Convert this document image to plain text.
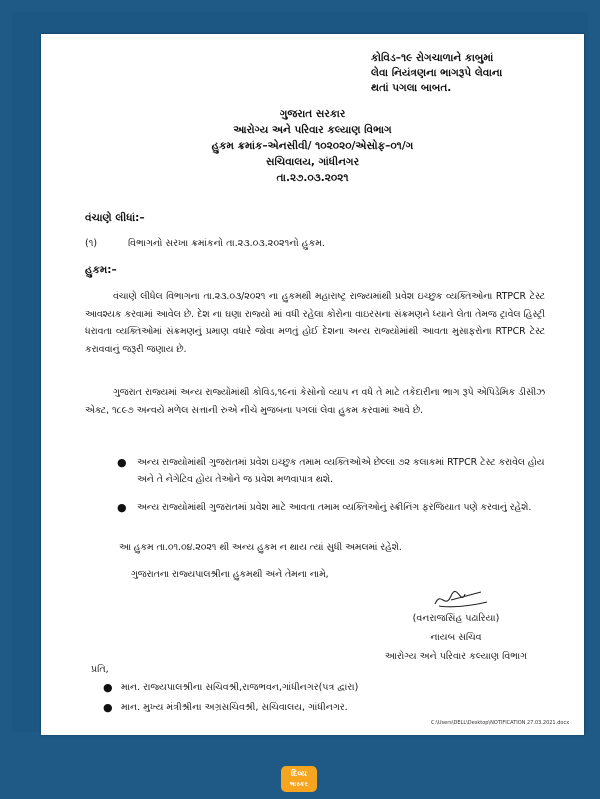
કોવિડ–૧૯ રોગચાળાને કાબુમાં
લેવા નિયંત્રણના ભાગરૂપે લેવાના
થતાં પગલા બાબત.
ગુજરાત સરકાર
આરોગ્ય અને પરિવાર કલ્યાણ વિભાગ
હુકમ ક્રમાંક–એનસીવી/ ૧૦૨૦૨૦/એસોફ–૦૧/ગ
સચિવાલય, ગાંધીનગર
તા.૨૭.૦૩.૨૦૨૧
વંચાણે લીધાં:–
(૧)	વિભાગનો સરખા ક્રમાંકનો તા.૨૩.૦૩.૨૦૨૧નો હુકમ.
હુકમ:–
વંચાણે લીધેલ વિભાગના તા.૨૩.૦૩/૨૦૨૧ ના હુકમથી મહારાષ્ટ્ર રાજ્યમાંથી પ્રવેશ ઇચ્છુક વ્યક્તિઓના RTPCR ટેસ્ટ આવશ્યક કરવામાં આવેલ છે. દેશ ના ઘણા રાજ્યો માં વધી રહેલા કોરોના વાઇરસના સંક્રમણને ધ્યાને લેતા તેમજ ટ્રાવેલ હિસ્ટ્રી ધરાવતા વ્યક્તિઓમાં સંક્રમણનું પ્રમાણ વધારે જોવા મળતું હોઈ દેશના અન્ય રાજ્યોમાંથી આવતા મુસાફરોના RTPCR ટેસ્ટ કરાવવાનું જરૂરી જણાય છે.
ગુજરાત રાજ્યમાં અન્ય રાજ્યોમાંથી કોવિડ,૧૯નાં કેસોનો વ્યાપ ન વધે તે માટે તકેદારીના ભાગ રૂપે એપિડેમિક ડીસીઝ એક્ટ, ૧૮૯૭ અન્વયે મળેલ સત્તાની રુએ નીચે મુજબના પગલાં લેવા હુકમ કરવામાં આવે છે.
● અન્ય રાજ્યોમાંથી ગુજરાતમાં પ્રવેશ ઇચ્છુક તમામ વ્યક્તિઓએ છેલ્લા ૭૨ કલાકમાં RTPCR ટેસ્ટ કરાવેલ હોય અને તે નેગેટિવ હોય તેઓને જ પ્રવેશ મળવાપાત્ર થશે.
● અન્ય રાજ્યોમાંથી ગુજરાતમાં પ્રવેશ માટે આવતા તમામ વ્યક્તિઓનું સ્ક્રીનિંગ ફરજિયાત પણે કરવાનું રહેશે.
આ હુકમ તા.૦૧.૦૪.૨૦૨૧ થી અન્ય હુકમ ન થાય ત્યાં સુધી અમલમાં રહેશે.
ગુજરાતના રાજ્યપાલશ્રીના હુકમથી અને તેમના નામે,
(વનરાજસિંહ પઢારિયા)
નાયબ સચિવ
આરોગ્ય અને પરિવાર કલ્યાણ વિભાગ
પ્રતિ,
● માન. રાજ્યપાલશ્રીના સચિવશ્રી,રાજભવન,ગાંધીનગર(પત્ર દ્વારા)
● માન. મુખ્ય મંત્રીશ્રીના અગ્રસચિવશ્રી, સચિવાલય, ગાંધીનગર.
C:\Users\DELL\Desktop\NOTIFICATION 27.03.2021.docx
દિવ્ય
ભાસ્કર
